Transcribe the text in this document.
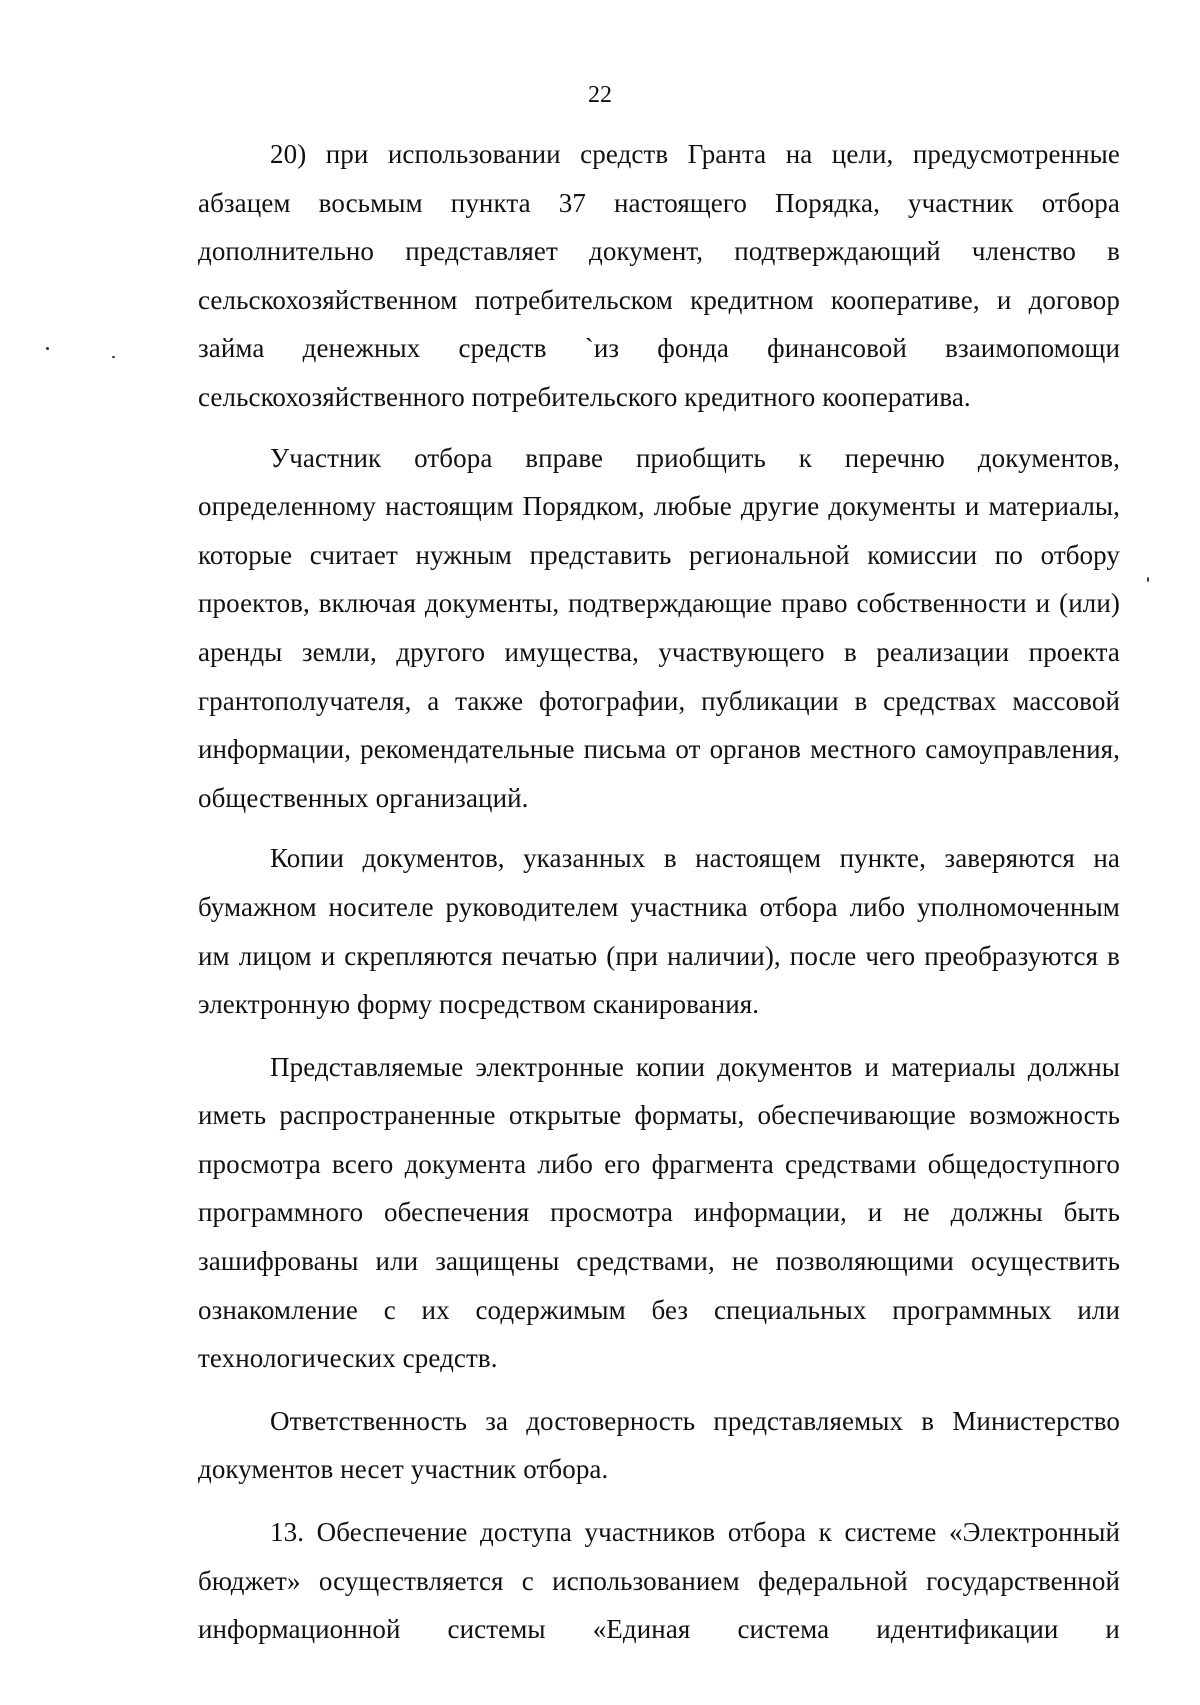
22

20) при использовании средств Гранта на цели, предусмотренные абзацем восьмым пункта 37 настоящего Порядка, участник отбора дополнительно представляет документ, подтверждающий членство в сельскохозяйственном потребительском кредитном кооперативе, и договор займа денежных средств `из фонда финансовой взаимопомощи сельскохозяйственного потребительского кредитного кооператива.

Участник отбора вправе приобщить к перечню документов, определенному настоящим Порядком, любые другие документы и материалы, которые считает нужным представить региональной комиссии по отбору проектов, включая документы, подтверждающие право собственности и (или) аренды земли, другого имущества, участвующего в реализации проекта грантополучателя, а также фотографии, публикации в средствах массовой информации, рекомендательные письма от органов местного самоуправления, общественных организаций.

Копии документов, указанных в настоящем пункте, заверяются на бумажном носителе руководителем участника отбора либо уполномоченным им лицом и скрепляются печатью (при наличии), после чего преобразуются в электронную форму посредством сканирования.

Представляемые электронные копии документов и материалы должны иметь распространенные открытые форматы, обеспечивающие возможность просмотра всего документа либо его фрагмента средствами общедоступного программного обеспечения просмотра информации, и не должны быть зашифрованы или защищены средствами, не позволяющими осуществить ознакомление с их содержимым без специальных программных или технологических средств.

Ответственность за достоверность представляемых в Министерство документов несет участник отбора.

13. Обеспечение доступа участников отбора к системе «Электронный бюджет» осуществляется с использованием федеральной государственной информационной системы «Единая система идентификации и
